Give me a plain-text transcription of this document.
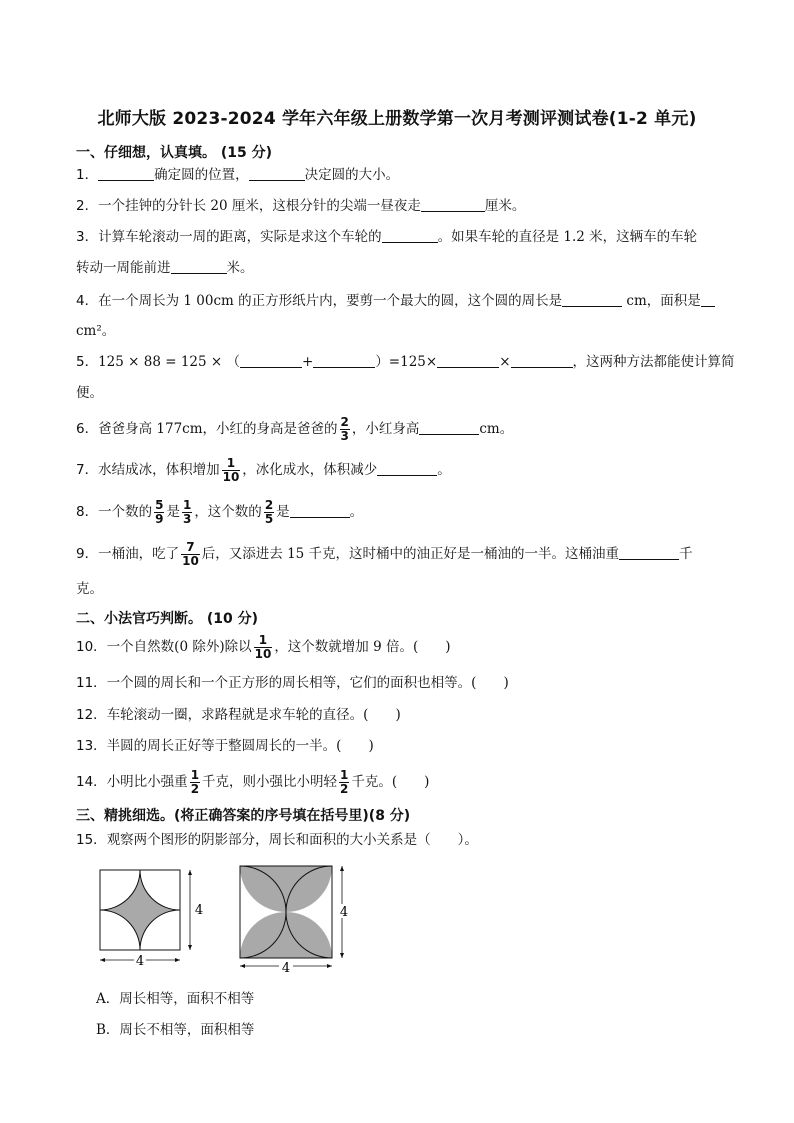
北师大版 2023-2024 学年六年级上册数学第一次月考测评测试卷(1-2 单元)
一、仔细想，认真填。 (15 分)
1．	确定圆的位置，	决定圆的大小。
2．一个挂钟的分针长 20 厘米，这根分针的尖端一昼夜走	厘米。
3．计算车轮滚动一周的距离，实际是求这个车轮的	。如果车轮的直径是 1.2 米，这辆车的车轮
转动一周能前进	米。
4．在一个周长为 1 00cm 的正方形纸片内，要剪一个最大的圆，这个圆的周长是	cm，面积是
cm²。
5．125 × 88 = 125 × （	+	）=125×	×	，这两种方法都能使计算简
便。
6．爸爸身高 177cm，小红的身高是爸爸的 $\frac{2}{3}$ ，小红身高	cm。
7．水结成冰，体积增加 $\frac{1}{10}$ ，冰化成水，体积减少	。
8．一个数的 $\frac{5}{9}$ 是 $\frac{1}{3}$ ，这个数的 $\frac{2}{5}$ 是	。
9．一桶油，吃了 $\frac{7}{10}$ 后，又添进去 15 千克，这时桶中的油正好是一桶油的一半。这桶油重	千
克。
二、小法官巧判断。 (10 分)
10．一个自然数(0 除外)除以 $\frac{1}{10}$ ，这个数就增加 9 倍。(　　)
11．一个圆的周长和一个正方形的周长相等，它们的面积也相等。(　　)
12．车轮滚动一圈，求路程就是求车轮的直径。(　　)
13．半圆的周长正好等于整圆周长的一半。(　　)
14．小明比小强重 $\frac{1}{2}$ 千克，则小强比小明轻 $\frac{1}{2}$ 千克。(　　)
三、精挑细选。(将正确答案的序号填在括号里)(8 分)
15．观察两个图形的阴影部分，周长和面积的大小关系是（　　）。
4
4
4
4
A．周长相等，面积不相等
B．周长不相等，面积相等
